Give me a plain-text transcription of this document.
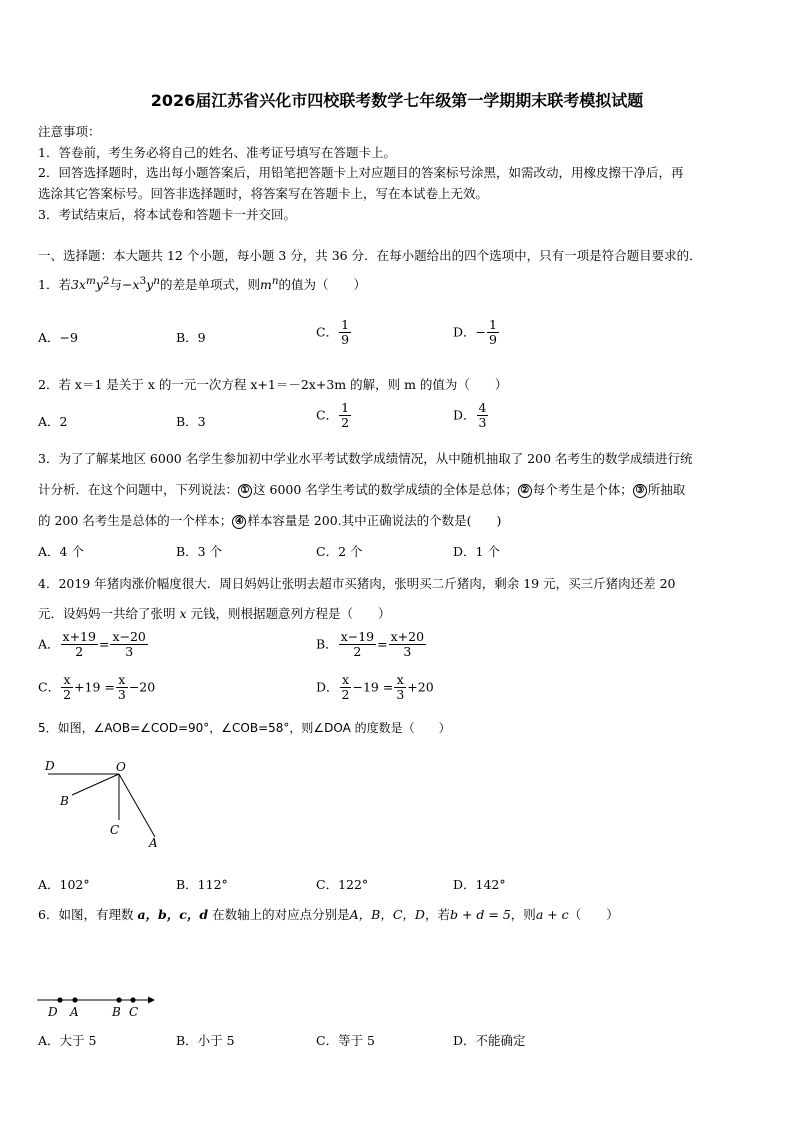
2026届江苏省兴化市四校联考数学七年级第一学期期末联考模拟试题
注意事项：
1．答卷前，考生务必将自己的姓名、准考证号填写在答题卡上。
2．回答选择题时，选出每小题答案后，用铅笔把答题卡上对应题目的答案标号涂黑，如需改动，用橡皮擦干净后，再
选涂其它答案标号。回答非选择题时，将答案写在答题卡上，写在本试卷上无效。
3．考试结束后，将本试卷和答题卡一并交回。
一、选择题：本大题共 12 个小题，每小题 3 分，共 36 分．在每小题给出的四个选项中，只有一项是符合题目要求的．
1．若$3x^my^2$与$-x^3y^n$的差是单项式，则$m^n$的值为（　　）
A．−9	B．9	C． $\frac{1}{9}$	D．− $\frac{1}{9}$
2．若 x＝1 是关于 x 的一元一次方程 x+1＝－2x+3m 的解，则 m 的值为（　　）
A．2	B．3	C． $\frac{1}{2}$	D． $\frac{4}{3}$
3．为了了解某地区 6000 名学生参加初中学业水平考试数学成绩情况，从中随机抽取了 200 名考生的数学成绩进行统
计分析．在这个问题中，下列说法： ① 这 6000 名学生考试的数学成绩的全体是总体； ② 每个考生是个体； ③ 所抽取
的 200 名考生是总体的一个样本； ④ 样本容量是 200.其中正确说法的个数是(　　)
A．4 个	B．3 个	C．2 个	D．1 个
4．2019 年猪肉涨价幅度很大．周日妈妈让张明去超市买猪肉，张明买二斤猪肉，剩余 19 元，买三斤猪肉还差 20
元．设妈妈一共给了张明 x 元钱，则根据题意列方程是（　　）
A． $\frac{x+19}{2} = \frac{x-20}{3}$	B． $\frac{x-19}{2} = \frac{x+20}{3}$
C． $\frac{x}{2} +19 = \frac{x}{3} -20$	D． $\frac{x}{2} -19 = \frac{x}{3} +20$
5．如图，∠AOB=∠COD=90°，∠COB=58°，则∠DOA 的度数是（　　）
D	O
B
C
A
A．102°	B．112°	C．122°	D．142°
6．如图，有理数 a，b，c，d 在数轴上的对应点分别是A，B，C，D，若b + d = 5，则a + c（　　）
D A	B C
A．大于 5	B．小于 5	C．等于 5	D．不能确定
